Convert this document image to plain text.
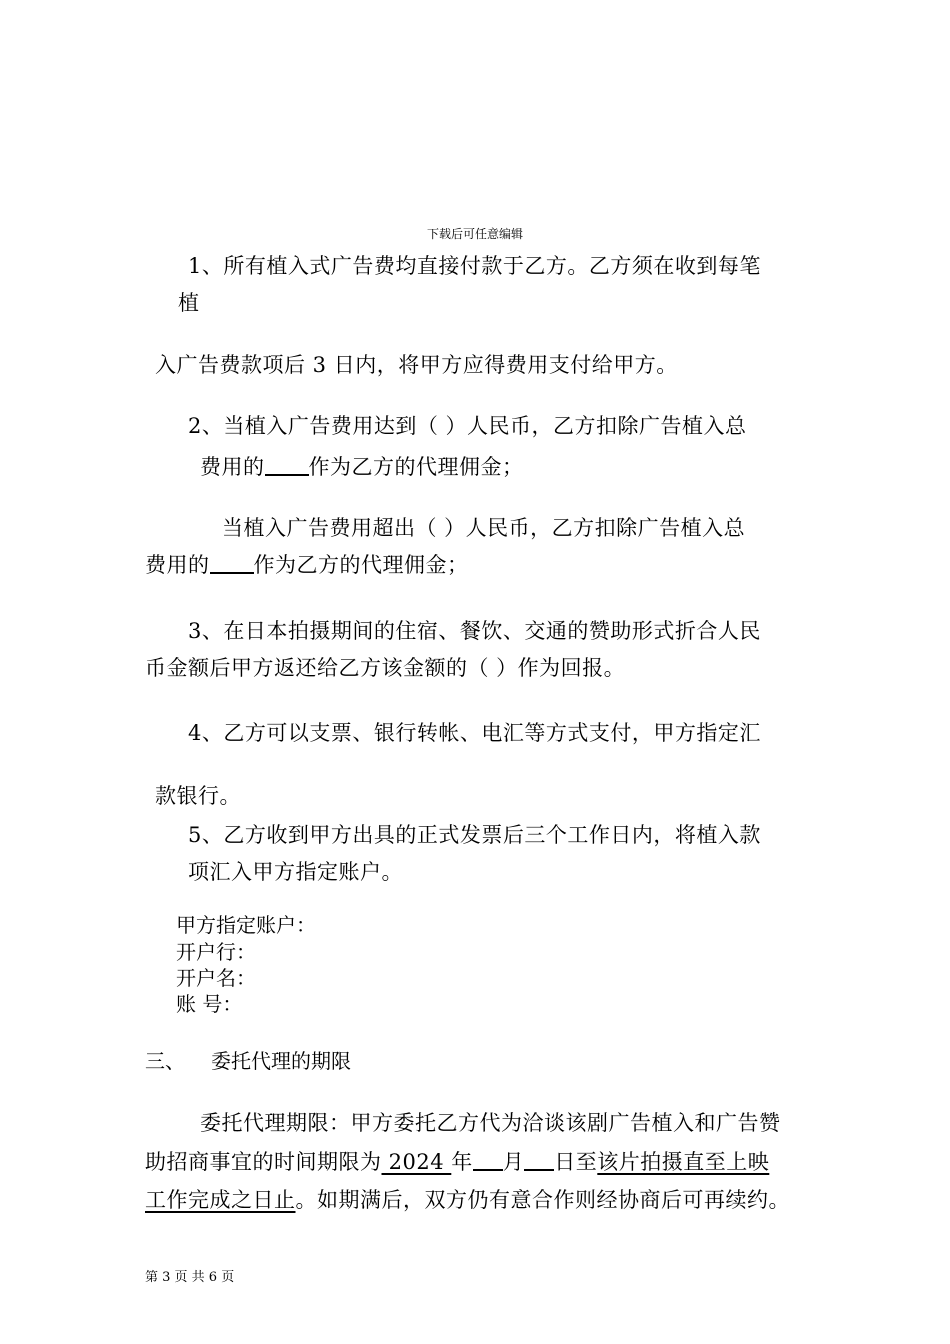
下载后可任意编辑
1、所有植入式广告费均直接付款于乙方。乙方须在收到每笔
植
入广告费款项后 3 日内，将甲方应得费用支付给甲方。
2、当植入广告费用达到（ ）人民币，乙方扣除广告植入总
费用的 作为乙方的代理佣金；
当植入广告费用超出（ ）人民币，乙方扣除广告植入总
费用的 作为乙方的代理佣金；
3、在日本拍摄期间的住宿、餐饮、交通的赞助形式折合人民
币金额后甲方返还给乙方该金额的（ ）作为回报。
4、乙方可以支票、银行转帐、电汇等方式支付，甲方指定汇
款银行。
5、乙方收到甲方出具的正式发票后三个工作日内，将植入款
项汇入甲方指定账户。
甲方指定账户：
开户行：
开户名：
账 号：
三、 委托代理的期限
委托代理期限：甲方委托乙方代为洽谈该剧广告植入和广告赞
助招商事宜的时间期限为 2024 年 月 日至该片拍摄直至上映
工作完成之日止。如期满后，双方仍有意合作则经协商后可再续约。
第 3 页 共 6 页
